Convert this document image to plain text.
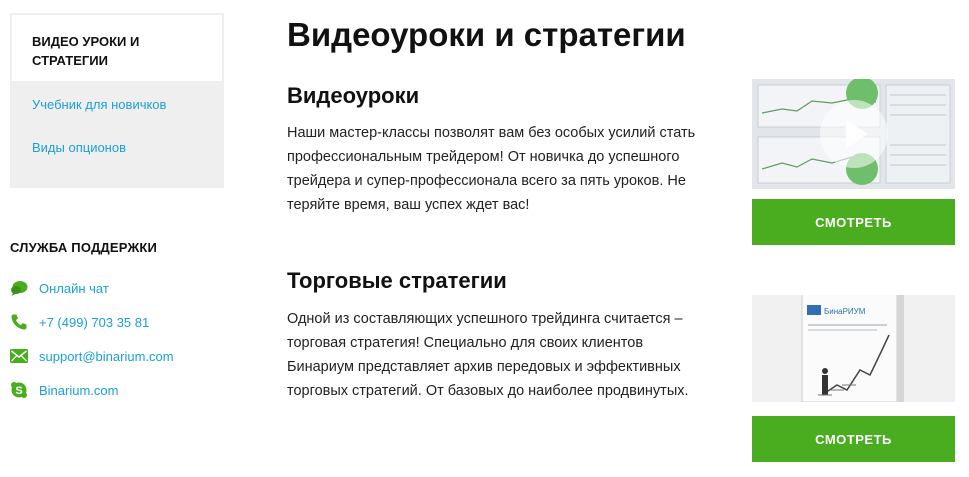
ВИДЕО УРОКИ И СТРАТЕГИИ
Учебник для новичков
Виды опционов
СЛУЖБА ПОДДЕРЖКИ
Онлайн чат
+7 (499) 703 35 81
support@binarium.com
S Binarium.com
Видеоуроки и стратегии
Видеоуроки

Наши мастер-классы позволят вам без особых усилий стать профессиональным трейдером! От новичка до успешного трейдера и супер-профессионала всего за пять уроков. Не теряйте время, ваш успех ждет вас!

СМОТРЕТЬ
Торговые стратегии

Одной из составляющих успешного трейдинга считается – торговая стратегия! Специально для своих клиентов Бинариум представляет архив передовых и эффективных торговых стратегий. От базовых до наиболее продвинутых.

БинаРИУМ
СМОТРЕТЬ
